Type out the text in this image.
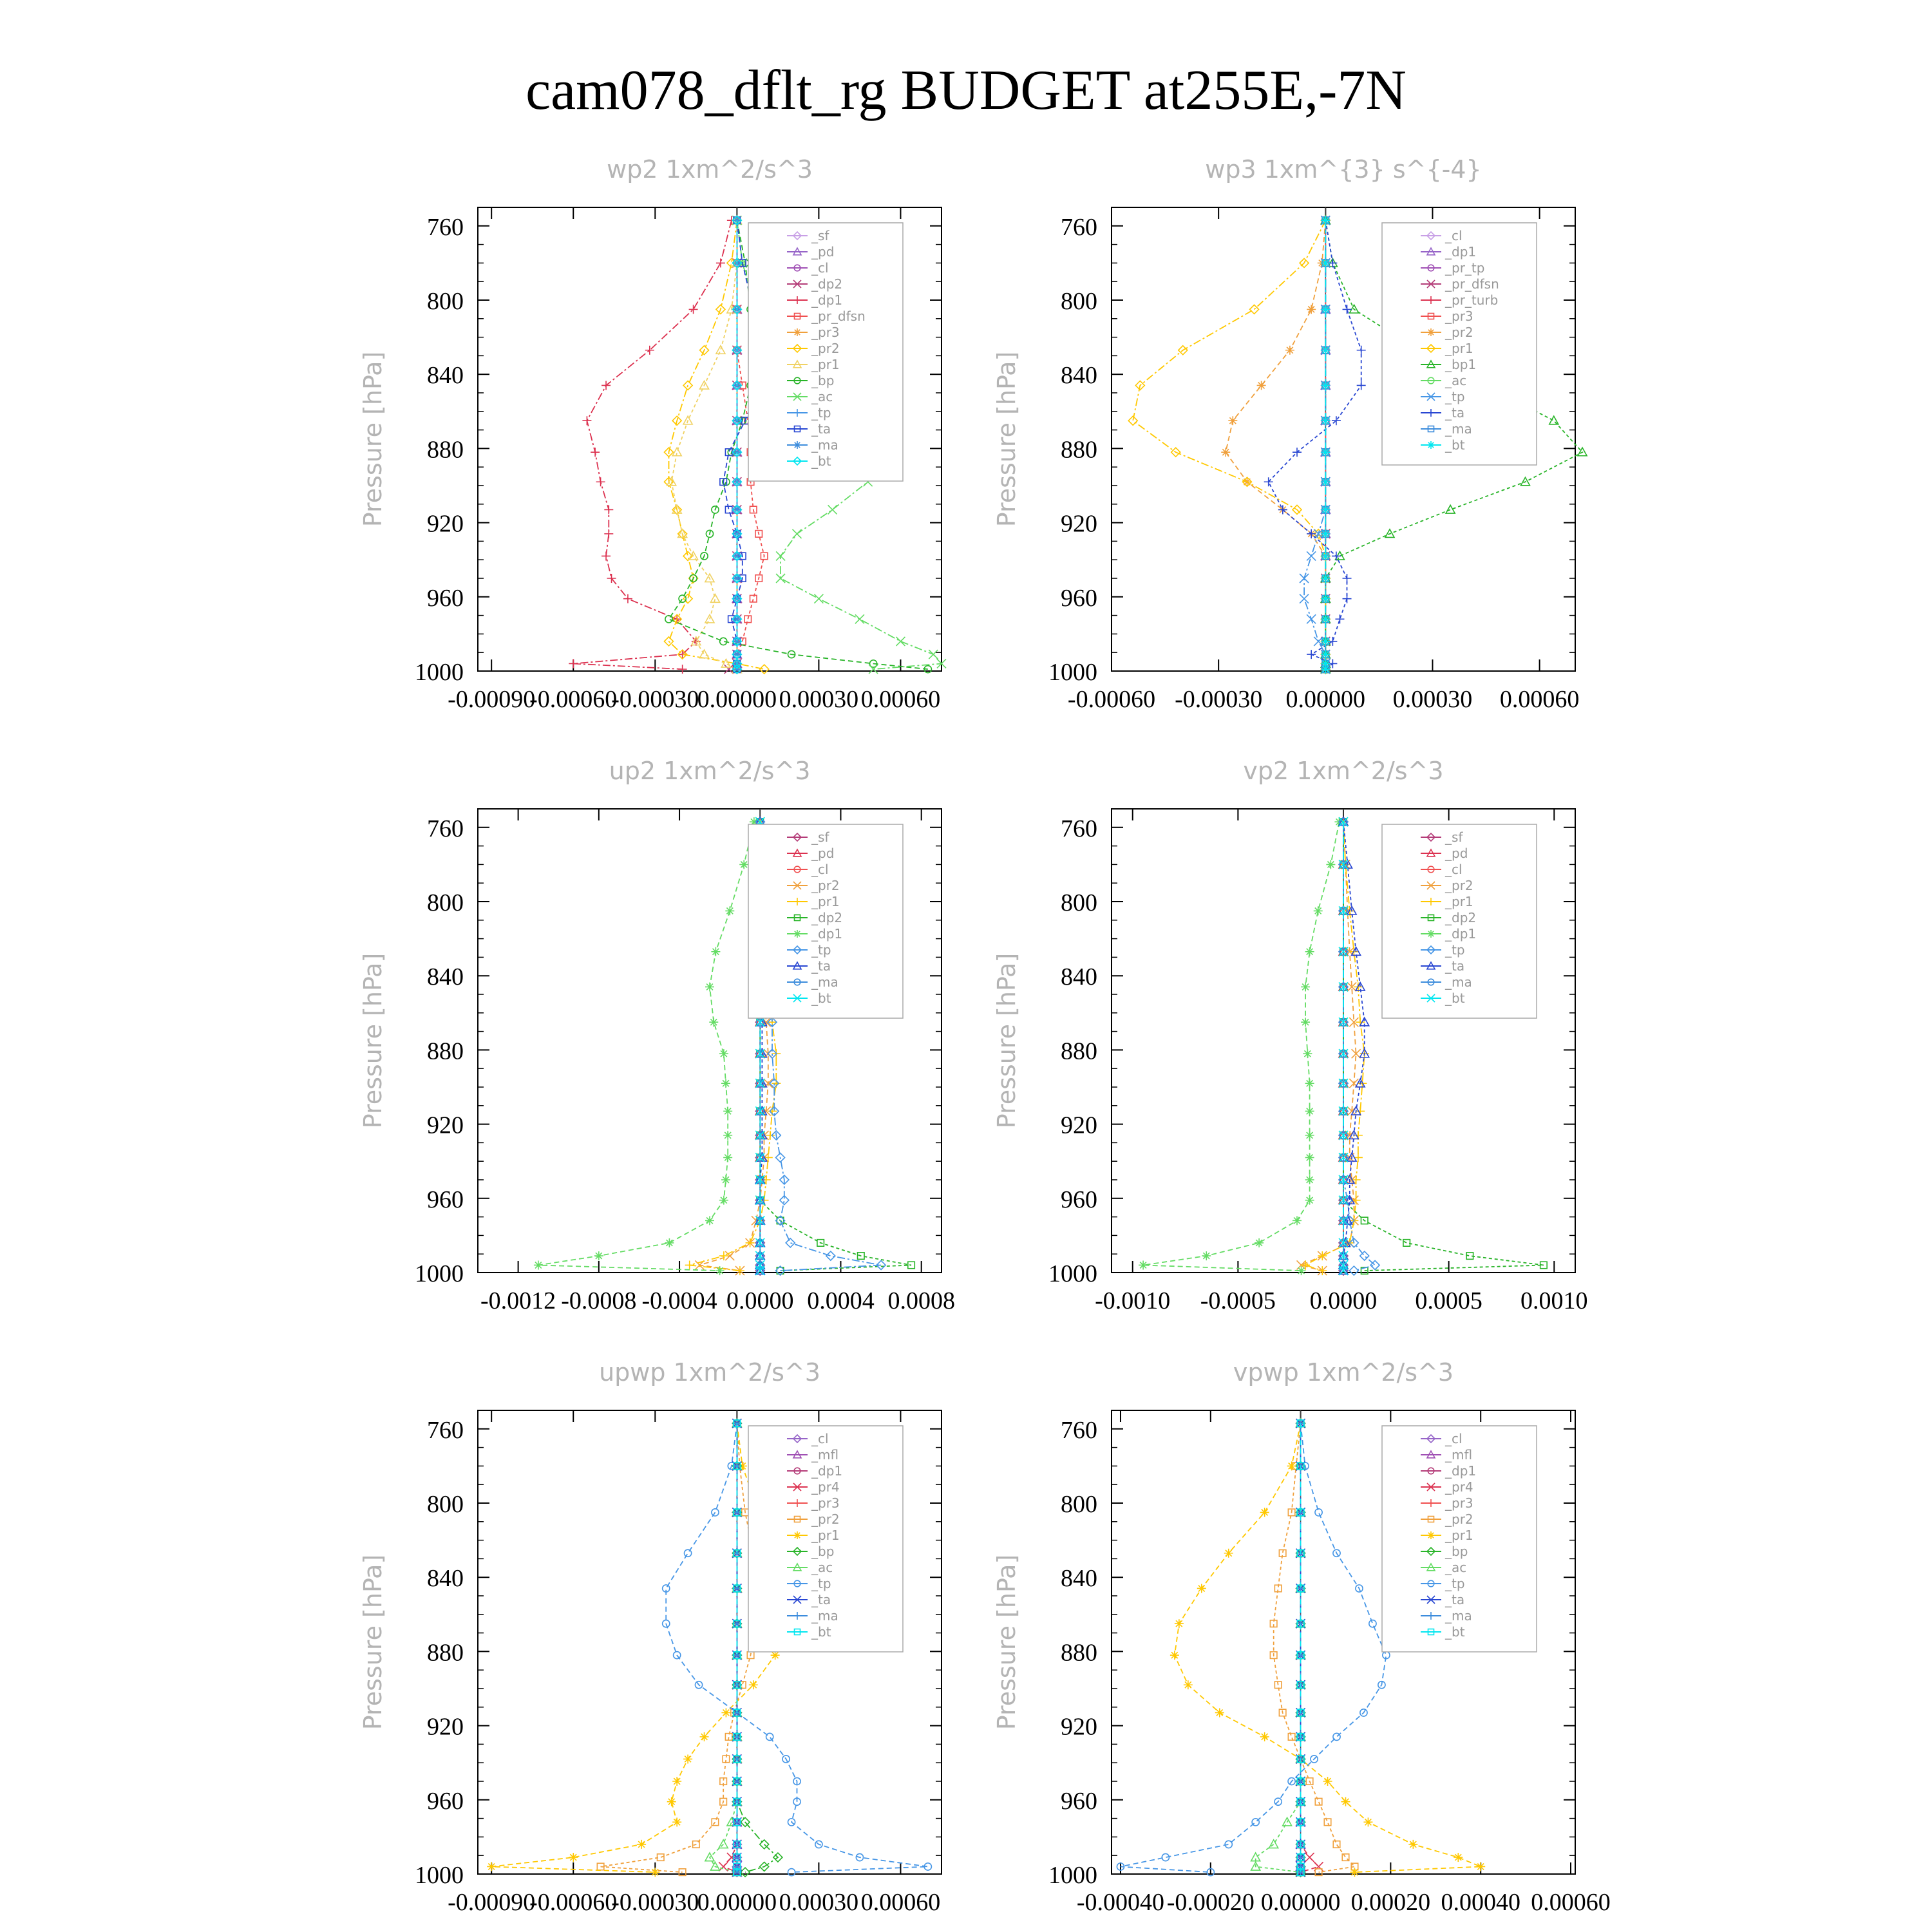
cam078_dflt_rg BUDGET at255E,-7N
wp2 1xm^2/s^3
Pressure [hPa]
760
800
840
880
920
960
1000
-0.00090
-0.00060
-0.00030
0.00000 0.00030 0.00060
_sf
_pd
_cl
_dp2
_dp1
_pr_dfsn
_pr3
_pr2
_pr1
_bp
_ac
_tp
_ta
_ma
_bt
wp3 1xm^{3} s^{-4}
Pressure [hPa]
760
800
840
880
920
960
1000
-0.00060 -0.00030 0.00000 0.00030 0.00060
_cl
_dp1
_pr_tp
_pr_dfsn
_pr_turb
_pr3
_pr2
_pr1
_bp1
_ac
_tp
_ta
_ma
_bt
up2 1xm^2/s^3
Pressure [hPa]
760
800
840
880
920
960
1000
-0.0012 -0.0008 -0.0004 0.0000 0.0004 0.0008
_sf
_pd
_cl
_pr2
_pr1
_dp2
_dp1
_tp
_ta
_ma
_bt
vp2 1xm^2/s^3
Pressure [hPa]
760
800
840
880
920
960
1000
-0.0010 -0.0005 0.0000 0.0005 0.0010
_sf
_pd
_cl
_pr2
_pr1
_dp2
_dp1
_tp
_ta
_ma
_bt
upwp 1xm^2/s^3
Pressure [hPa]
760
800
840
880
920
960
1000
-0.00090
-0.00060
-0.00030
0.00000 0.00030 0.00060
_cl
_mfl
_dp1
_pr4
_pr3
_pr2
_pr1
_bp
_ac
_tp
_ta
_ma
_bt
vpwp 1xm^2/s^3
Pressure [hPa]
760
800
840
880
920
960
1000
-0.00040 -0.00020 0.00000 0.00020 0.00040 0.00060
_cl
_mfl
_dp1
_pr4
_pr3
_pr2
_pr1
_bp
_ac
_tp
_ta
_ma
_bt
